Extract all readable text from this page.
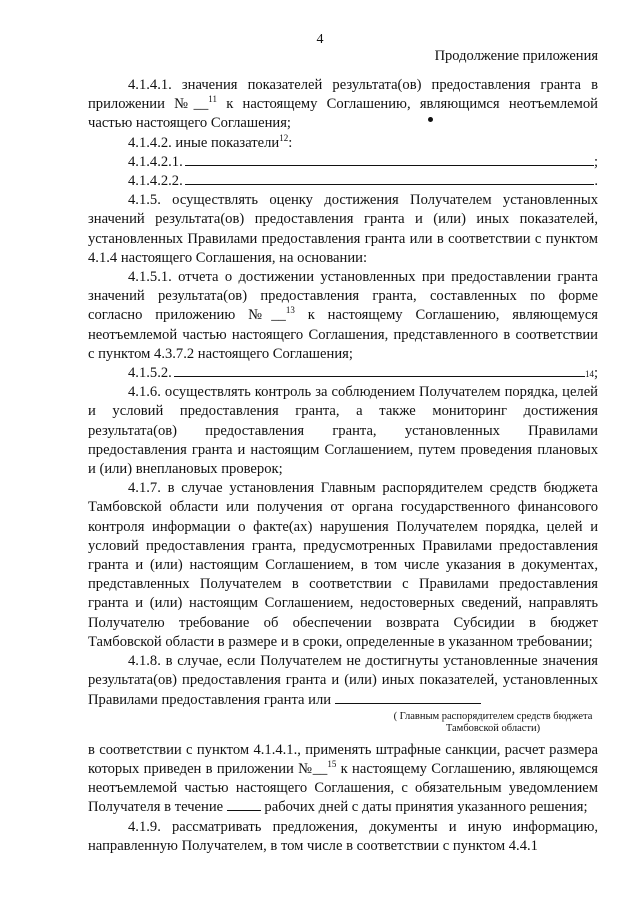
4
Продолжение приложения

4.1.4.1. значения показателей результата(ов) предоставления гранта в приложении №__$^{11}$ к настоящему Соглашению, являющимся неотъемлемой частью настоящего Соглашения;

4.1.4.2. иные показатели$^{12}$:

4.1.4.2.1.	;

4.1.4.2.2.	.

4.1.5. осуществлять оценку достижения Получателем установленных значений результата(ов) предоставления гранта и (или) иных показателей, установленных Правилами предоставления гранта или в соответствии с пунктом 4.1.4 настоящего Соглашения, на основании:

4.1.5.1. отчета о достижении установленных при предоставлении гранта значений результата(ов) предоставления гранта, составленных по форме согласно приложению №__$^{13}$ к настоящему Соглашению, являющемуся неотъемлемой частью настоящего Соглашения, представленного в соответствии с пунктом 4.3.7.2 настоящего Соглашения;

4.1.5.2.	14 ;

4.1.6. осуществлять контроль за соблюдением Получателем порядка, целей и условий предоставления гранта, а также мониторинг достижения результата(ов) предоставления гранта, установленных Правилами предоставления гранта и настоящим Соглашением, путем проведения плановых и (или) внеплановых проверок;

4.1.7. в случае установления Главным распорядителем средств бюджета Тамбовской области или получения от органа государственного финансового контроля информации о факте(ах) нарушения Получателем порядка, целей и условий предоставления гранта, предусмотренных Правилами предоставления гранта и (или) настоящим Соглашением, в том числе указания в документах, представленных Получателем в соответствии с Правилами предоставления гранта и (или) настоящим Соглашением, недостоверных сведений, направлять Получателю требование об обеспечении возврата Субсидии в бюджет Тамбовской области в размере и в сроки, определенные в указанном требовании;

4.1.8. в случае, если Получателем не достигнуты установленные значения результата(ов) предоставления гранта и (или) иных показателей, установленных Правилами предоставления гранта или

( Главным распорядителем средств бюджета Тамбовской области)

в соответствии с пунктом 4.1.4.1., применять штрафные санкции, расчет размера которых приведен в приложении №__$^{15}$ к настоящему Соглашению, являющемся неотъемлемой частью настоящего Соглашения, с обязательным уведомлением Получателя в течение  рабочих дней с даты принятия указанного решения;

4.1.9. рассматривать предложения, документы и иную информацию, направленную Получателем, в том числе в соответствии с пунктом 4.4.1
